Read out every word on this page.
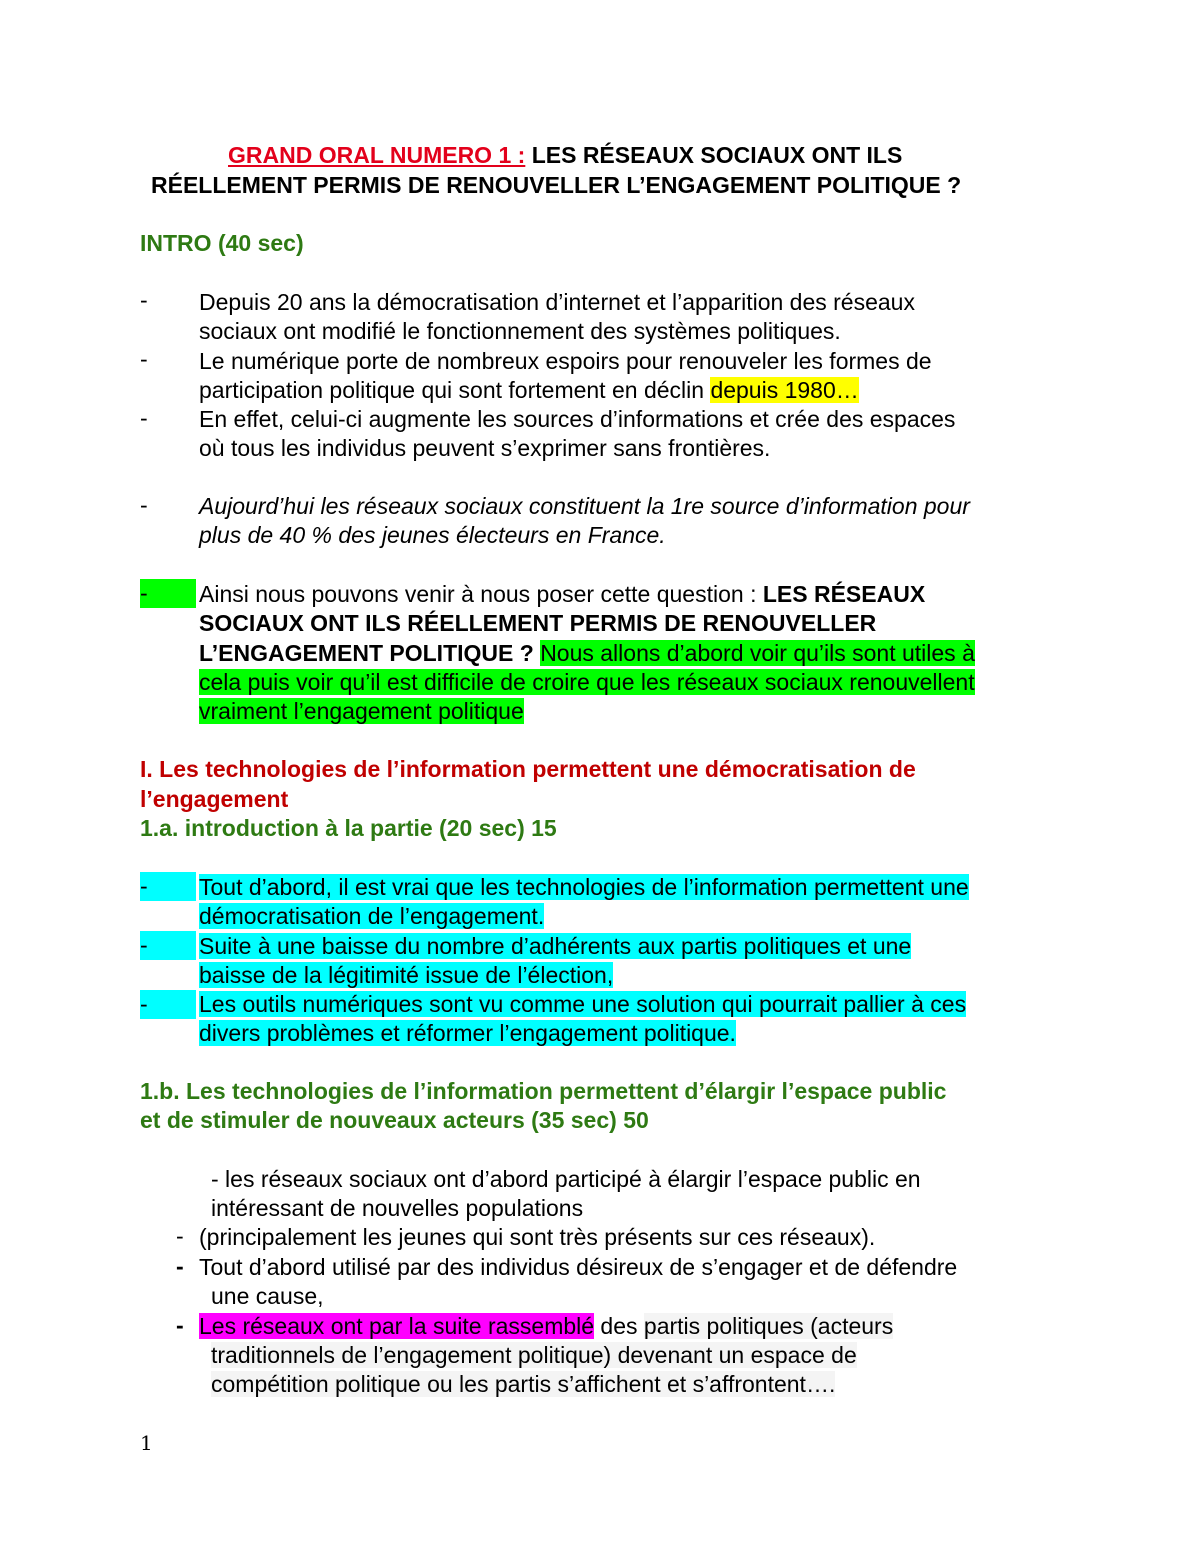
GRAND ORAL NUMERO 1 : LES RÉSEAUX SOCIAUX ONT ILS
RÉELLEMENT PERMIS DE RENOUVELLER L’ENGAGEMENT POLITIQUE ?
INTRO (40 sec)
- Depuis 20 ans la démocratisation d’internet et l’apparition des réseaux
sociaux ont modifié le fonctionnement des systèmes politiques.
- Le numérique porte de nombreux espoirs pour renouveler les formes de
participation politique qui sont fortement en déclin depuis 1980…
- En effet, celui-ci augmente les sources d’informations et crée des espaces
où tous les individus peuvent s’exprimer sans frontières.
- Aujourd’hui les réseaux sociaux constituent la 1re source d’information pour
plus de 40 % des jeunes électeurs en France.
-	Ainsi nous pouvons venir à nous poser cette question : LES RÉSEAUX
SOCIAUX ONT ILS RÉELLEMENT PERMIS DE RENOUVELLER
L’ENGAGEMENT POLITIQUE ? Nous allons d’abord voir qu’ils sont utiles à
cela puis voir qu’il est difficile de croire que les réseaux sociaux renouvellent
vraiment l’engagement politique
I. Les technologies de l’information permettent une démocratisation de
l’engagement
1.a. introduction à la partie (20 sec) 15
-	Tout d’abord, il est vrai que les technologies de l’information permettent une
démocratisation de l’engagement.
-	Suite à une baisse du nombre d’adhérents aux partis politiques et une
baisse de la légitimité issue de l’élection,
-	Les outils numériques sont vu comme une solution qui pourrait pallier à ces
divers problèmes et réformer l’engagement politique.
1.b. Les technologies de l’information permettent d’élargir l’espace public
et de stimuler de nouveaux acteurs (35 sec) 50
- les réseaux sociaux ont d’abord participé à élargir l’espace public en
intéressant de nouvelles populations
- (principalement les jeunes qui sont très présents sur ces réseaux).
- Tout d’abord utilisé par des individus désireux de s’engager et de défendre
une cause,
- Les réseaux ont par la suite rassemblé des partis politiques (acteurs
traditionnels de l’engagement politique) devenant un espace de
compétition politique ou les partis s’affichent et s’affrontent….
1
